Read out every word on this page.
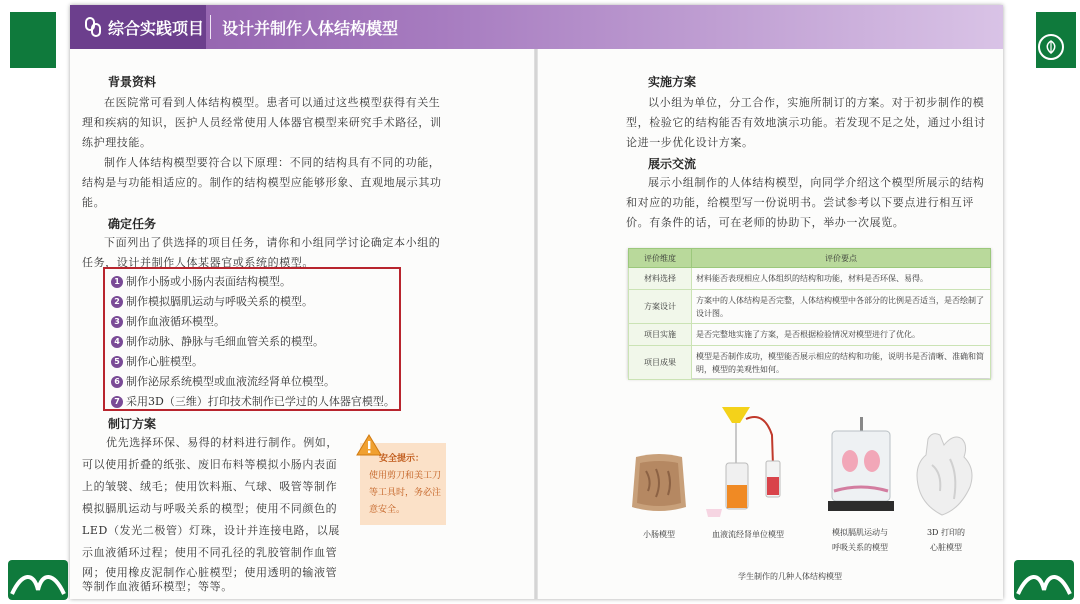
综合实践项目 设计并制作人体结构模型
背景资料
在医院常可看到人体结构模型。患者可以通过这些模型获得有关生理和疾病的知识，医护人员经常使用人体器官模型来研究手术路径，训练护理技能。
制作人体结构模型要符合以下原理：不同的结构具有不同的功能，结构是与功能相适应的。制作的结构模型应能够形象、直观地展示其功能。
确定任务
下面列出了供选择的项目任务，请你和小组同学讨论确定本小组的任务，设计并制作人体某器官或系统的模型。
1 制作小肠或小肠内表面结构模型。
2 制作模拟膈肌运动与呼吸关系的模型。
3 制作血液循环模型。
4 制作动脉、静脉与毛细血管关系的模型。
5 制作心脏模型。
6 制作泌尿系统模型或血液流经肾单位模型。
7 采用3D（三维）打印技术制作已学过的人体器官模型。
制订方案
优先选择环保、易得的材料进行制作。例如，
可以使用折叠的纸张、废旧布料等模拟小肠内表面
上的皱襞、绒毛；使用饮料瓶、气球、吸管等制作
模拟膈肌运动与呼吸关系的模型；使用不同颜色的
LED（发光二极管）灯珠，设计并连接电路，以展
示血液循环过程；使用不同孔径的乳胶管制作血管
网；使用橡皮泥制作心脏模型；使用透明的输液管
等制作血液循环模型；等等。
安全提示：
使用剪刀和美工刀等工具时，务必注意安全。
实施方案
以小组为单位，分工合作，实施所制订的方案。对于初步制作的模型，检验它的结构能否有效地演示功能。若发现不足之处，通过小组讨论进一步优化设计方案。
展示交流
展示小组制作的人体结构模型，向同学介绍这个模型所展示的结构和对应的功能，给模型写一份说明书。尝试参考以下要点进行相互评价。有条件的话，可在老师的协助下，举办一次展览。
评价维度	评价要点
材料选择	材料能否表现相应人体组织的结构和功能，材料是否环保、易得。
方案设计	方案中的人体结构是否完整，人体结构模型中各部分的比例是否适当，是否绘制了设计图。
项目实施	是否完整地实施了方案，是否根据检验情况对模型进行了优化。
项目成果	模型是否制作成功，模型能否展示相应的结构和功能，说明书是否清晰、准确和简明，模型的美观性如何。
小肠模型	血液流经肾单位模型	模拟膈肌运动与
呼吸关系的模型
3D 打印的
心脏模型
学生制作的几种人体结构模型
